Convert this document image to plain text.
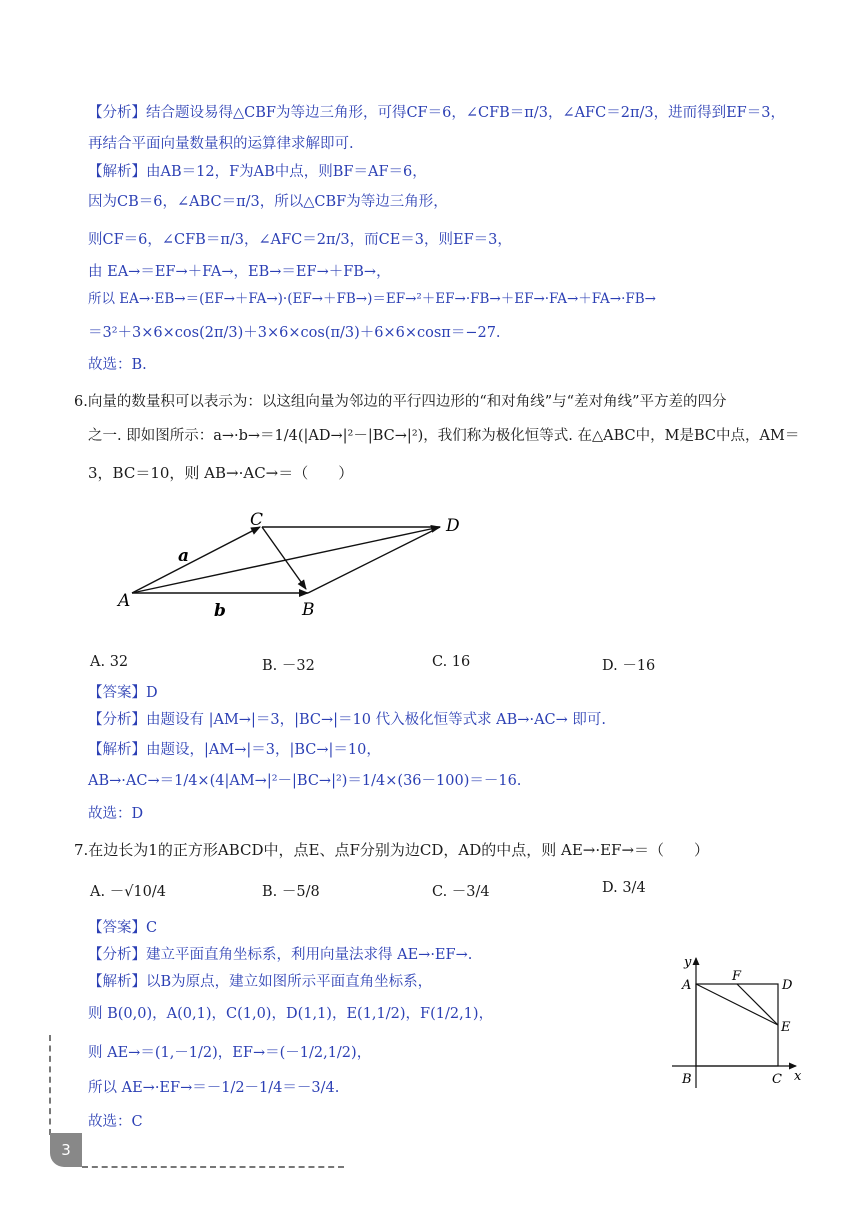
【分析】结合题设易得△CBF为等边三角形，可得CF＝6，∠CFB＝π/3，∠AFC＝2π/3，进而得到EF＝3，
再结合平面向量数量积的运算律求解即可.
【解析】由AB＝12，F为AB中点，则BF＝AF＝6，
因为CB＝6，∠ABC＝π/3，所以△CBF为等边三角形，
则CF＝6，∠CFB＝π/3，∠AFC＝2π/3，而CE＝3，则EF＝3，
由 EA→＝EF→＋FA→，EB→＝EF→＋FB→，
所以 EA→·EB→＝(EF→＋FA→)·(EF→＋FB→)＝EF→²＋EF→·FB→＋EF→·FA→＋FA→·FB→
＝3²＋3×6×cos(2π/3)＋3×6×cos(π/3)＋6×6×cosπ＝−27.
故选：B.
6.向量的数量积可以表示为：以这组向量为邻边的平行四边形的“和对角线”与“差对角线”平方差的四分
之一. 即如图所示：a→·b→＝1/4(|AD→|²－|BC→|²)，我们称为极化恒等式. 在△ABC中，M是BC中点，AM＝
3，BC＝10，则 AB→·AC→＝（　　）
C	D
A	B
a
b
A. 32	B. －32	C. 16	D. －16
【答案】D
【分析】由题设有 |AM→|＝3，|BC→|＝10 代入极化恒等式求 AB→·AC→ 即可.
【解析】由题设，|AM→|＝3，|BC→|＝10，
AB→·AC→＝1/4×(4|AM→|²－|BC→|²)＝1/4×(36－100)＝－16.
故选：D
7.在边长为1的正方形ABCD中，点E、点F分别为边CD，AD的中点，则 AE→·EF→＝（　　）
A. －√10/4	B. －5/8	C. －3/4	D. 3/4
【答案】C
【分析】建立平面直角坐标系，利用向量法求得 AE→·EF→.
【解析】以B为原点，建立如图所示平面直角坐标系，
则 B(0,0)，A(0,1)，C(1,0)，D(1,1)，E(1,1/2)，F(1/2,1)，
则 AE→＝(1,－1/2)，EF→＝(－1/2,1/2)，
所以 AE→·EF→＝－1/2－1/4＝－3/4.
故选：C
y
x
A
F
D
E
B	C
3
